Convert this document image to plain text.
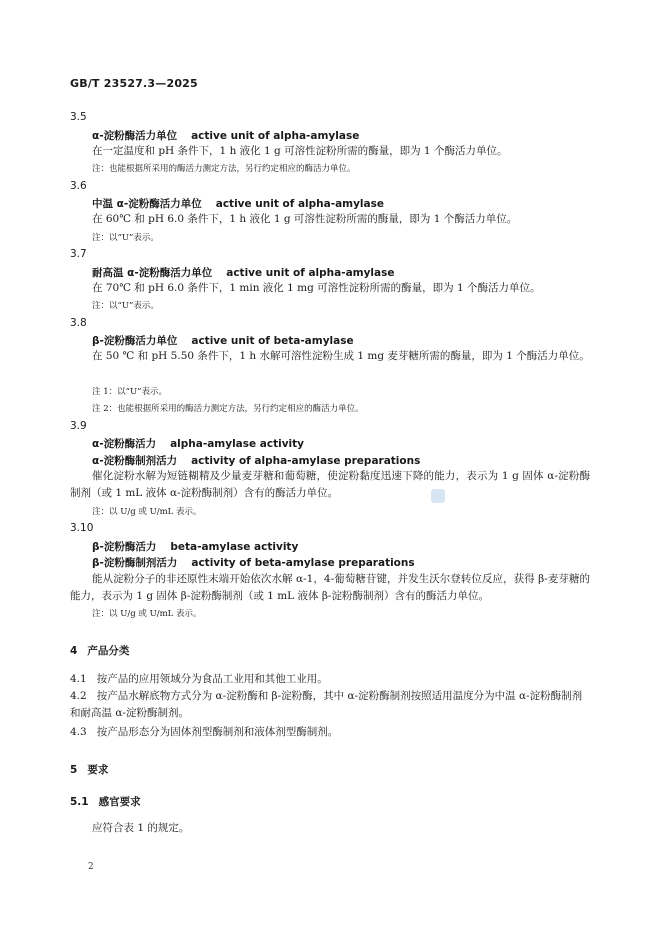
GB/T 23527.3—2025
3.5
α-淀粉酶活力单位 active unit of alpha-amylase
在一定温度和 pH 条件下，1 h 液化 1 g 可溶性淀粉所需的酶量，即为 1 个酶活力单位。
注：也能根据所采用的酶活力测定方法，另行约定相应的酶活力单位。
3.6
中温 α-淀粉酶活力单位 active unit of alpha-amylase
在 60℃ 和 pH 6.0 条件下，1 h 液化 1 g 可溶性淀粉所需的酶量，即为 1 个酶活力单位。
注：以“U”表示。
3.7
耐高温 α-淀粉酶活力单位 active unit of alpha-amylase
在 70℃ 和 pH 6.0 条件下，1 min 液化 1 mg 可溶性淀粉所需的酶量，即为 1 个酶活力单位。
注：以“U”表示。
3.8
β-淀粉酶活力单位 active unit of beta-amylase
在 50 ℃ 和 pH 5.50 条件下，1 h 水解可溶性淀粉生成 1 mg 麦芽糖所需的酶量，即为 1 个酶活力单位。
注 1：以“U”表示。
注 2：也能根据所采用的酶活力测定方法，另行约定相应的酶活力单位。
3.9
α-淀粉酶活力 alpha-amylase activity
α-淀粉酶制剂活力 activity of alpha-amylase preparations
催化淀粉水解为短链糊精及少量麦芽糖和葡萄糖，使淀粉黏度迅速下降的能力，表示为 1 g 固体 α-淀粉酶制剂（或 1 mL 液体 α-淀粉酶制剂）含有的酶活力单位。
注：以 U/g 或 U/mL 表示。
3.10
β-淀粉酶活力 beta-amylase activity
β-淀粉酶制剂活力 activity of beta-amylase preparations
能从淀粉分子的非还原性末端开始依次水解 α-1，4-葡萄糖苷键，并发生沃尔登转位反应，获得 β-麦芽糖的能力，表示为 1 g 固体 β-淀粉酶制剂（或 1 mL 液体 β-淀粉酶制剂）含有的酶活力单位。
注：以 U/g 或 U/mL 表示。
4 产品分类
4.1 按产品的应用领域分为食品工业用和其他工业用。
4.2 按产品水解底物方式分为 α-淀粉酶和 β-淀粉酶，其中 α-淀粉酶制剂按照适用温度分为中温 α-淀粉酶制剂和耐高温 α-淀粉酶制剂。
4.3 按产品形态分为固体剂型酶制剂和液体剂型酶制剂。
5 要求
5.1 感官要求
应符合表 1 的规定。
2
